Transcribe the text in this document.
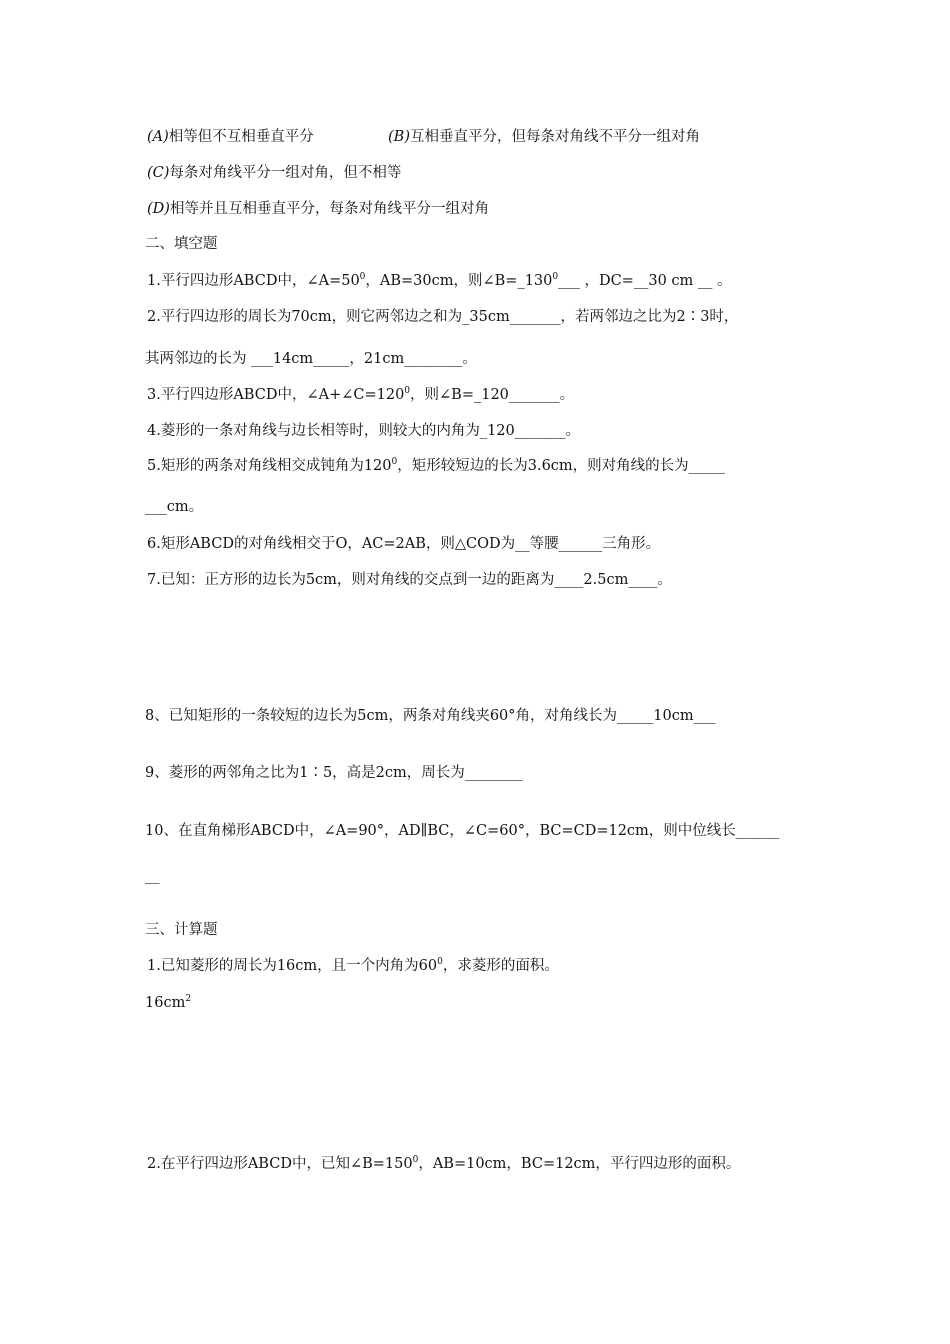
(A)相等但不互相垂直平分	(B)互相垂直平分，但每条对角线不平分一组对角
(C)每条对角线平分一组对角，但不相等
(D)相等并且互相垂直平分，每条对角线平分一组对角
二、填空题
1.平行四边形ABCD中，$\angle A=50^0$，AB=30cm，则$\angle B=\_130^0\_\_\_$ ，DC=__30 cm __ 。
2.平行四边形的周长为70cm，则它两邻边之和为_35cm_______，若两邻边之比为2∶3时，
其两邻边的长为 ___14cm_____，21cm________。
3.平行四边形ABCD中，$\angle A+\angle C=120^0$，则∠B=_120_______。
4.菱形的一条对角线与边长相等时，则较大的内角为_120_______。
5.矩形的两条对角线相交成钝角为$120^0$，矩形较短边的长为3.6cm，则对角线的长为_____
___cm。
6.矩形ABCD的对角线相交于O，AC=2AB，则△COD为__等腰______三角形。
7.已知：正方形的边长为5cm，则对角线的交点到一边的距离为____2.5cm____。
8、已知矩形的一条较短的边长为5cm，两条对角线夹60°角，对角线长为_____10cm___
9、菱形的两邻角之比为1∶5，高是2cm，周长为________
10、在直角梯形ABCD中，∠A=90°，AD∥BC，∠C=60°，BC=CD=12cm，则中位线长______
__
三、计算题
1.已知菱形的周长为16cm，且一个内角为$60^0$，求菱形的面积。
$16cm^2$
2.在平行四边形ABCD中，已知$\angle B=150^0$，AB=10cm，BC=12cm，平行四边形的面积。
